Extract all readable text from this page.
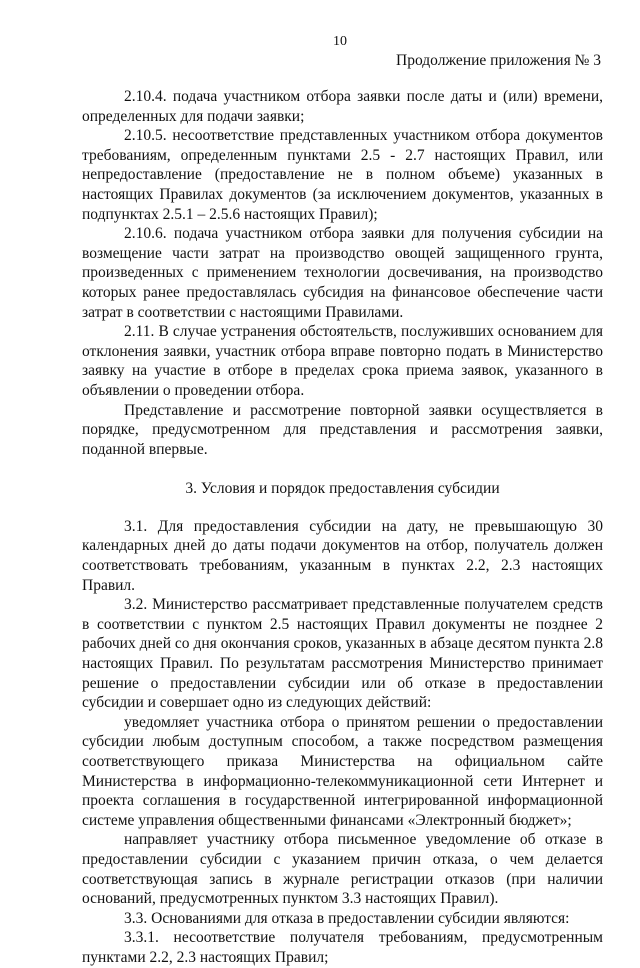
10
Продолжение приложения № 3

2.10.4. подача участником отбора заявки после даты и (или) времени, определенных для подачи заявки;

2.10.5. несоответствие представленных участником отбора документов требованиям, определенным пунктами 2.5 - 2.7 настоящих Правил, или непредоставление (предоставление не в полном объеме) указанных в настоящих Правилах документов (за исключением документов, указанных в подпунктах 2.5.1 – 2.5.6 настоящих Правил);

2.10.6. подача участником отбора заявки для получения субсидии на возмещение части затрат на производство овощей защищенного грунта, произведенных с применением технологии досвечивания, на производство которых ранее предоставлялась субсидия на финансовое обеспечение части затрат в соответствии с настоящими Правилами.

2.11. В случае устранения обстоятельств, послуживших основанием для отклонения заявки, участник отбора вправе повторно подать в Министерство заявку на участие в отборе в пределах срока приема заявок, указанного в объявлении о проведении отбора.

Представление и рассмотрение повторной заявки осуществляется в порядке, предусмотренном для представления и рассмотрения заявки, поданной впервые.

3. Условия и порядок предоставления субсидии

3.1. Для предоставления субсидии на дату, не превышающую 30 календарных дней до даты подачи документов на отбор, получатель должен соответствовать требованиям, указанным в пунктах 2.2, 2.3 настоящих Правил.

3.2. Министерство рассматривает представленные получателем средств в соответствии с пунктом 2.5 настоящих Правил документы не позднее 2 рабочих дней со дня окончания сроков, указанных в абзаце десятом пункта 2.8 настоящих Правил. По результатам рассмотрения Министерство принимает решение о предоставлении субсидии или об отказе в предоставлении субсидии и совершает одно из следующих действий:

уведомляет участника отбора о принятом решении о предоставлении субсидии любым доступным способом, а также посредством размещения соответствующего приказа Министерства на официальном сайте Министерства в информационно-телекоммуникационной сети Интернет и проекта соглашения в государственной интегрированной информационной системе управления общественными финансами «Электронный бюджет»;

направляет участнику отбора письменное уведомление об отказе в предоставлении субсидии с указанием причин отказа, о чем делается соответствующая запись в журнале регистрации отказов (при наличии оснований, предусмотренных пунктом 3.3 настоящих Правил).

3.3. Основаниями для отказа в предоставлении субсидии являются:

3.3.1. несоответствие получателя требованиям, предусмотренным пунктами 2.2, 2.3 настоящих Правил;
